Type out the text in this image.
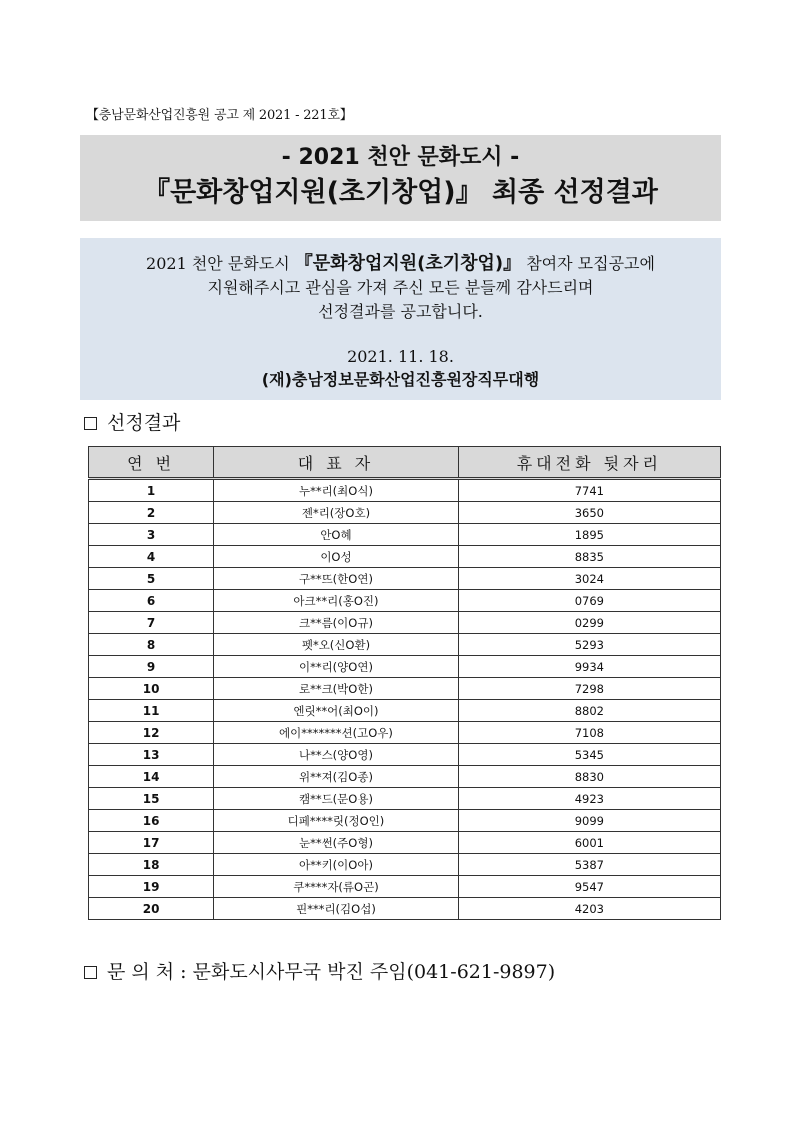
【충남문화산업진흥원 공고 제 2021 - 221호】
- 2021 천안 문화도시 -
『문화창업지원(초기창업)』 최종 선정결과
2021 천안 문화도시 『문화창업지원(초기창업)』 참여자 모집공고에
지원해주시고 관심을 가져 주신 모든 분들께 감사드리며
선정결과를 공고합니다.
2021. 11. 18.
(재)충남정보문화산업진흥원장직무대행
선정결과
연 번	대 표 자	휴대전화 뒷자리
1	누**리(최O식)	7741
2	젠*리(장O호)	3650
3	안O혜	1895
4	이O성	8835
5	구**뜨(한O연)	3024
6	아크**리(홍O진)	0769
7	크**름(이O규)	0299
8	펫*오(신O환)	5293
9	이**리(양O연)	9934
10	로**크(박O한)	7298
11	엔릿**어(최O이)	8802
12	에이*******션(고O우)	7108
13	나**스(양O영)	5345
14	위**져(김O종)	8830
15	캠**드(문O용)	4923
16	디페****릿(정O인)	9099
17	눈**썬(주O형)	6001
18	아**키(이O아)	5387
19	쿠****자(류O곤)	9547
20	핀***리(김O섭)	4203
문 의 처 : 문화도시사무국 박진 주임(041-621-9897)
